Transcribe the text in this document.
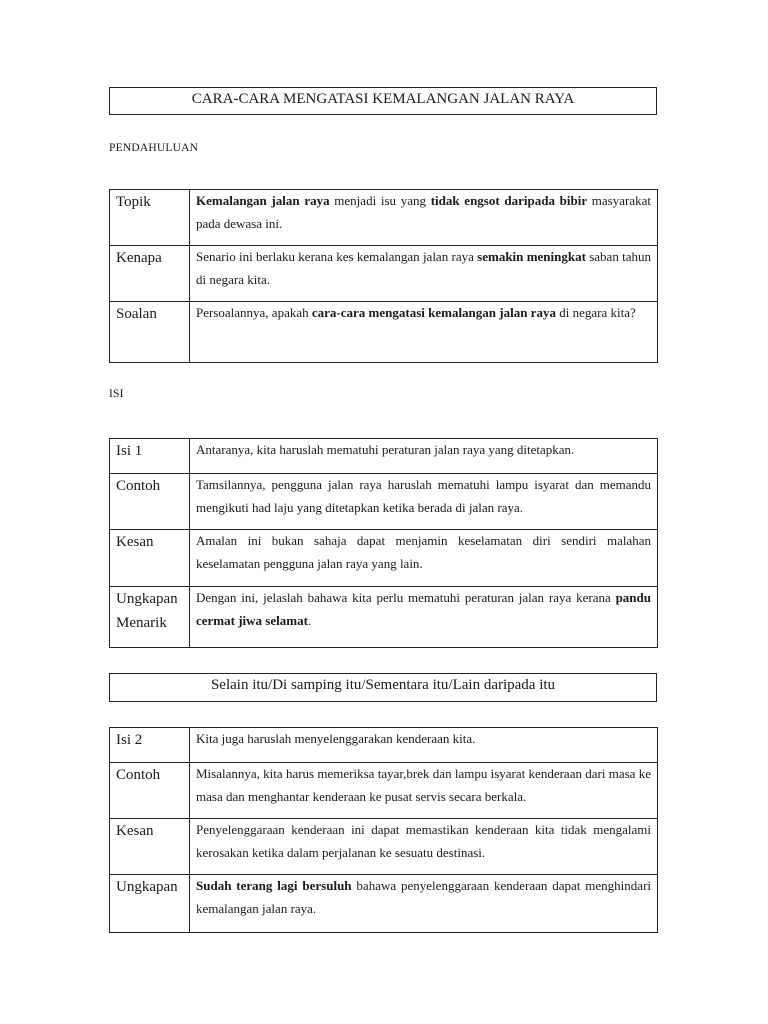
CARA-CARA MENGATASI KEMALANGAN JALAN RAYA
PENDAHULUAN
Topik	Kemalangan jalan raya menjadi isu yang tidak engsot daripada bibir masyarakat pada dewasa ini.

Kenapa	Senario ini berlaku kerana kes kemalangan jalan raya semakin meningkat saban tahun di negara kita.

Soalan	Persoalannya, apakah cara-cara mengatasi kemalangan jalan raya di negara kita?
ISI
Isi 1	Antaranya, kita haruslah mematuhi peraturan jalan raya yang ditetapkan.

Contoh	Tamsilannya, pengguna jalan raya haruslah mematuhi lampu isyarat dan memandu mengikuti had laju yang ditetapkan ketika berada di jalan raya.

Kesan	Amalan ini bukan sahaja dapat menjamin keselamatan diri sendiri malahan keselamatan pengguna jalan raya yang lain.

Ungkapan Menarik	Dengan ini, jelaslah bahawa kita perlu mematuhi peraturan jalan raya kerana pandu cermat jiwa selamat.
Selain itu/Di samping itu/Sementara itu/Lain daripada itu
Isi 2	Kita juga haruslah menyelenggarakan kenderaan kita.

Contoh	Misalannya, kita harus memeriksa tayar,brek dan lampu isyarat kenderaan dari masa ke masa dan menghantar kenderaan ke pusat servis secara berkala.

Kesan	Penyelenggaraan kenderaan ini dapat memastikan kenderaan kita tidak mengalami kerosakan ketika dalam perjalanan ke sesuatu destinasi.

Ungkapan	Sudah terang lagi bersuluh bahawa penyelenggaraan kenderaan dapat menghindari kemalangan jalan raya.
